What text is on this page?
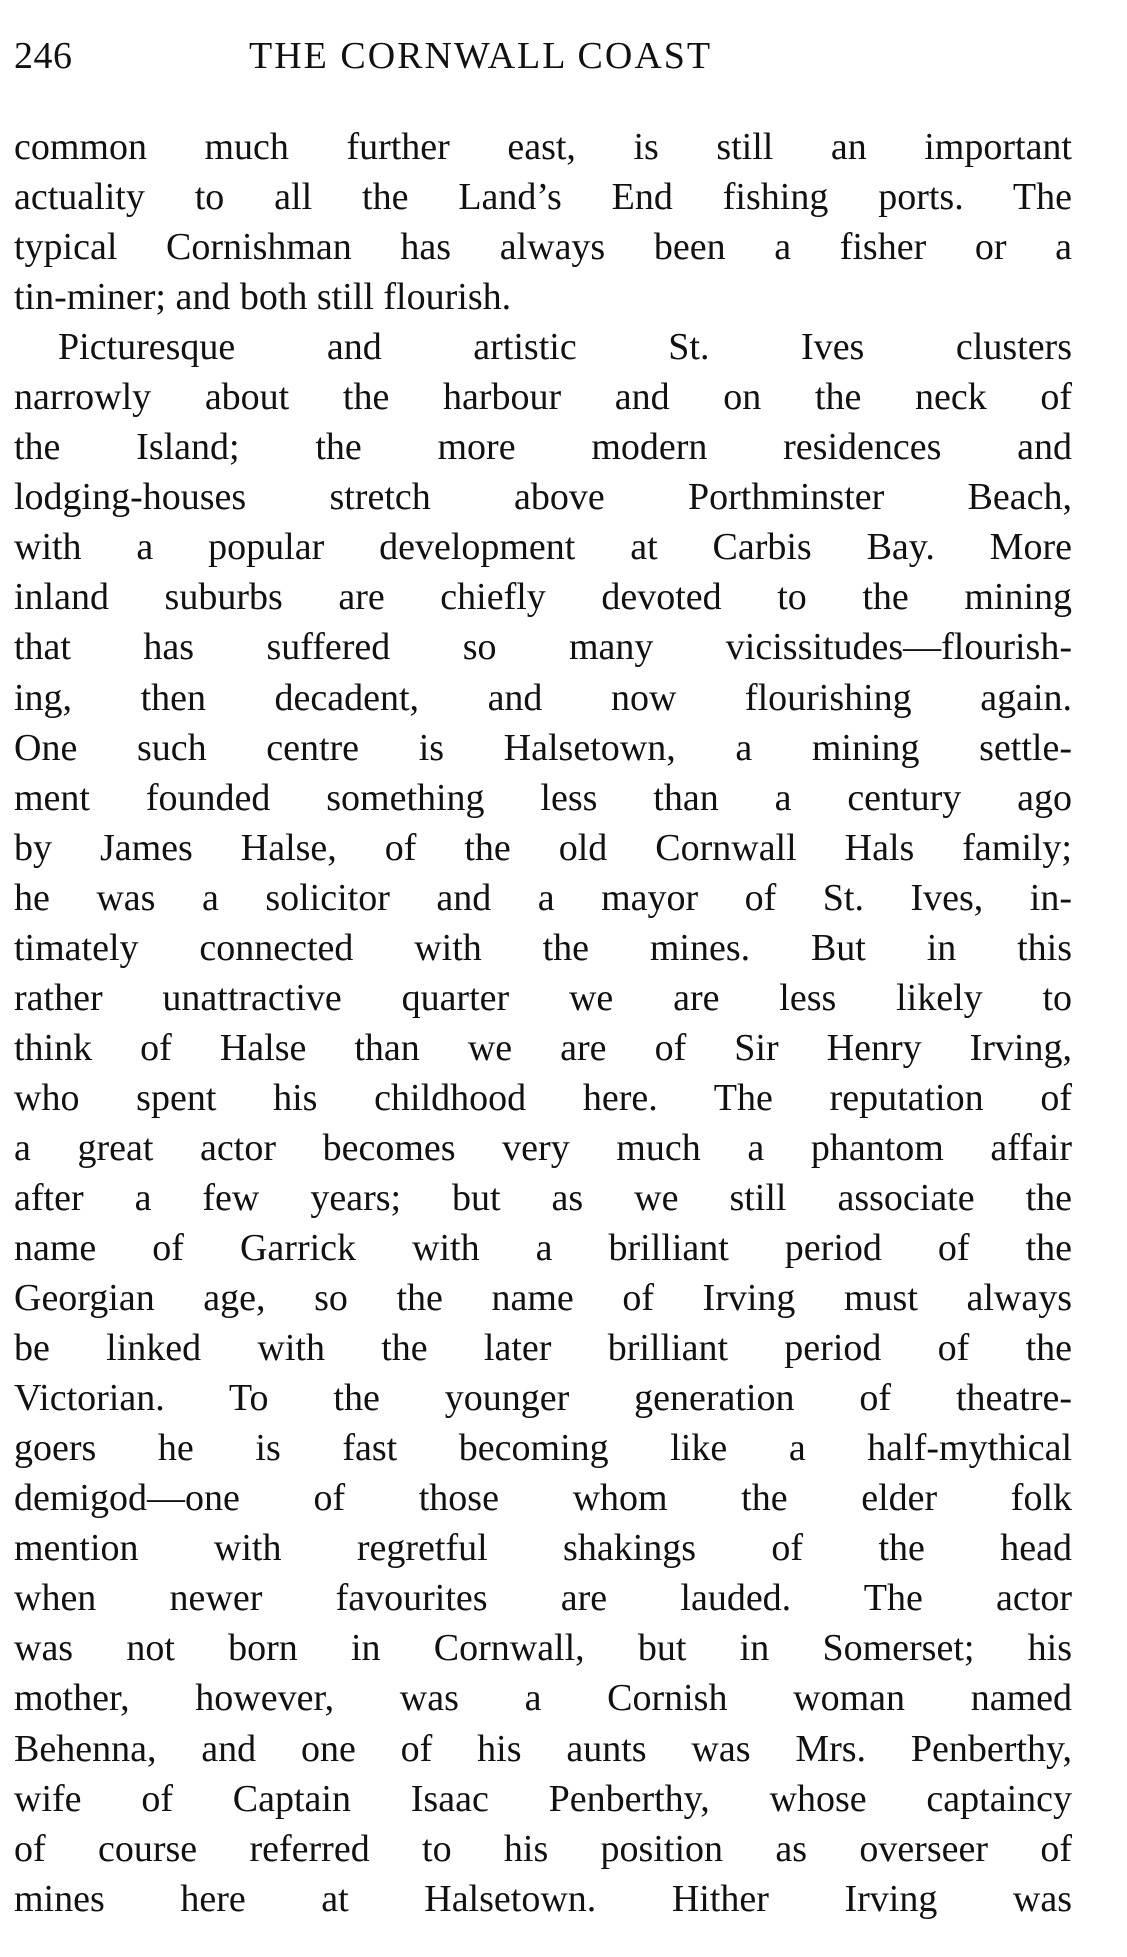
246	THE CORNWALL COAST
common much further east, is still an important
actuality to all the Land’s End fishing ports. The
typical Cornishman has always been a fisher or a
tin-miner; and both still flourish.
Picturesque and artistic St. Ives clusters
narrowly about the harbour and on the neck of
the Island; the more modern residences and
lodging-houses stretch above Porthminster Beach,
with a popular development at Carbis Bay. More
inland suburbs are chiefly devoted to the mining
that has suffered so many vicissitudes—flourish-
ing, then decadent, and now flourishing again.
One such centre is Halsetown, a mining settle-
ment founded something less than a century ago
by James Halse, of the old Cornwall Hals family;
he was a solicitor and a mayor of St. Ives, in-
timately connected with the mines. But in this
rather unattractive quarter we are less likely to
think of Halse than we are of Sir Henry Irving,
who spent his childhood here. The reputation of
a great actor becomes very much a phantom affair
after a few years; but as we still associate the
name of Garrick with a brilliant period of the
Georgian age, so the name of Irving must always
be linked with the later brilliant period of the
Victorian. To the younger generation of theatre-
goers he is fast becoming like a half-mythical
demigod—one of those whom the elder folk
mention with regretful shakings of the head
when newer favourites are lauded. The actor
was not born in Cornwall, but in Somerset; his
mother, however, was a Cornish woman named
Behenna, and one of his aunts was Mrs. Penberthy,
wife of Captain Isaac Penberthy, whose captaincy
of course referred to his position as overseer of
mines here at Halsetown. Hither Irving was
